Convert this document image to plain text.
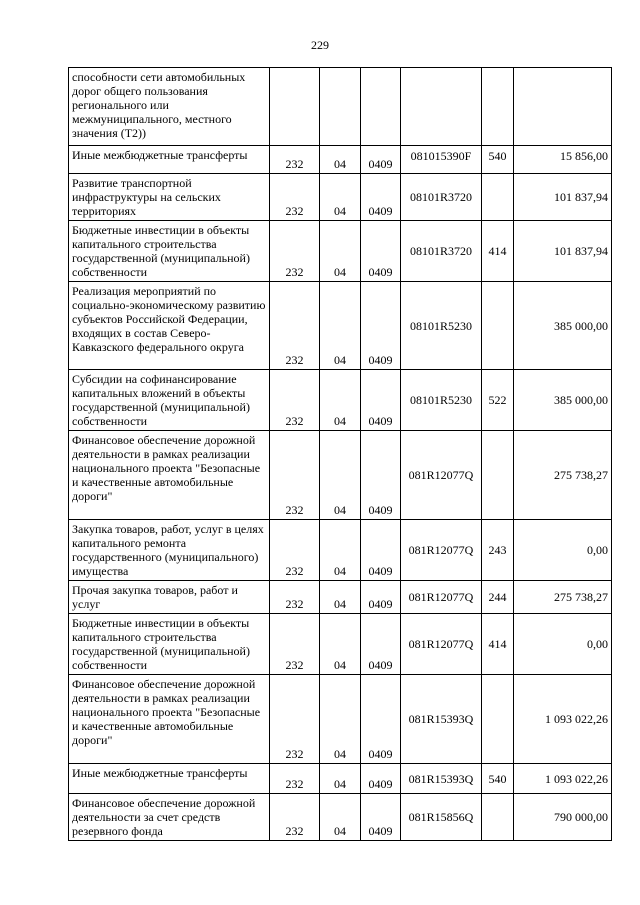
229
способности сети автомобильных дорог общего пользования регионального или межмуниципального, местного значения (Т2))						
Иные межбюджетные трансферты	232	04	0409	081015390F	540	15 856,00
Развитие транспортной инфраструктуры на сельских территориях	232	04	0409	08101R3720		101 837,94
Бюджетные инвестиции в объекты капитального строительства государственной (муниципальной) собственности	232	04	0409	08101R3720	414	101 837,94
Реализация мероприятий по социально-экономическому развитию субъектов Российской Федерации, входящих в состав Северо-Кавказского федерального округа	232	04	0409	08101R5230		385 000,00
Субсидии на софинансирование капитальных вложений в объекты государственной (муниципальной) собственности	232	04	0409	08101R5230	522	385 000,00
Финансовое обеспечение дорожной деятельности в рамках реализации национального проекта "Безопасные и качественные автомобильные дороги"	232	04	0409	081R12077Q		275 738,27
Закупка товаров, работ, услуг в целях капитального ремонта государственного (муниципального) имущества	232	04	0409	081R12077Q	243	0,00
Прочая закупка товаров, работ и услуг	232	04	0409	081R12077Q	244	275 738,27
Бюджетные инвестиции в объекты капитального строительства государственной (муниципальной) собственности	232	04	0409	081R12077Q	414	0,00
Финансовое обеспечение дорожной деятельности в рамках реализации национального проекта "Безопасные и качественные автомобильные дороги"	232	04	0409	081R15393Q		1 093 022,26
Иные межбюджетные трансферты	232	04	0409	081R15393Q	540	1 093 022,26
Финансовое обеспечение дорожной деятельности за счет средств резервного фонда	232	04	0409	081R15856Q		790 000,00
